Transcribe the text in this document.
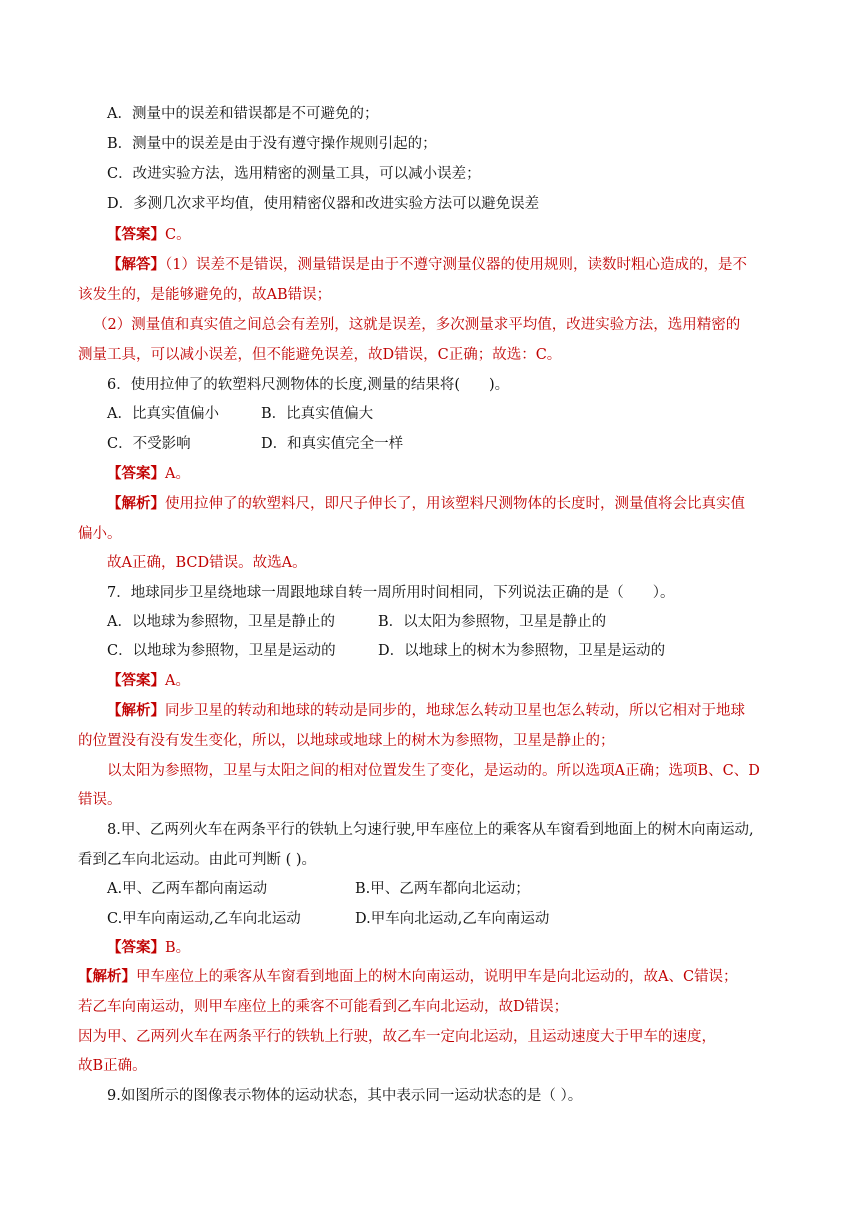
A．测量中的误差和错误都是不可避免的；
B．测量中的误差是由于没有遵守操作规则引起的；
C．改进实验方法，选用精密的测量工具，可以减小误差；
D．多测几次求平均值，使用精密仪器和改进实验方法可以避免误差
【答案】C。
【解答】（1）误差不是错误，测量错误是由于不遵守测量仪器的使用规则，读数时粗心造成的，是不
该发生的，是能够避免的，故AB错误；
（2）测量值和真实值之间总会有差别，这就是误差，多次测量求平均值，改进实验方法，选用精密的
测量工具，可以减小误差，但不能避免误差，故D错误，C正确；故选：C。
6．使用拉伸了的软塑料尺测物体的长度,测量的结果将(　　)。
A．比真实值偏小	B．比真实值偏大
C．不受影响	D．和真实值完全一样
【答案】A。
【解析】使用拉伸了的软塑料尺，即尺子伸长了，用该塑料尺测物体的长度时，测量值将会比真实值
偏小。
故A正确，BCD错误。故选A。
7．地球同步卫星绕地球一周跟地球自转一周所用时间相同，下列说法正确的是（　　）。
A．以地球为参照物，卫星是静止的	B．以太阳为参照物，卫星是静止的
C．以地球为参照物，卫星是运动的	D．以地球上的树木为参照物，卫星是运动的
【答案】A。
【解析】同步卫星的转动和地球的转动是同步的，地球怎么转动卫星也怎么转动，所以它相对于地球
的位置没有没有发生变化，所以，以地球或地球上的树木为参照物，卫星是静止的；
以太阳为参照物，卫星与太阳之间的相对位置发生了变化，是运动的。所以选项A正确；选项B、C、D
错误。
8.甲、乙两列火车在两条平行的铁轨上匀速行驶,甲车座位上的乘客从车窗看到地面上的树木向南运动,
看到乙车向北运动。由此可判断 ( )。
A.甲、乙两车都向南运动	B.甲、乙两车都向北运动；
C.甲车向南运动,乙车向北运动	D.甲车向北运动,乙车向南运动
【答案】B。
【解析】甲车座位上的乘客从车窗看到地面上的树木向南运动，说明甲车是向北运动的，故A、C错误；
若乙车向南运动，则甲车座位上的乘客不可能看到乙车向北运动，故D错误；
因为甲、乙两列火车在两条平行的铁轨上行驶，故乙车一定向北运动，且运动速度大于甲车的速度，
故B正确。
9.如图所示的图像表示物体的运动状态，其中表示同一运动状态的是（ ）。
